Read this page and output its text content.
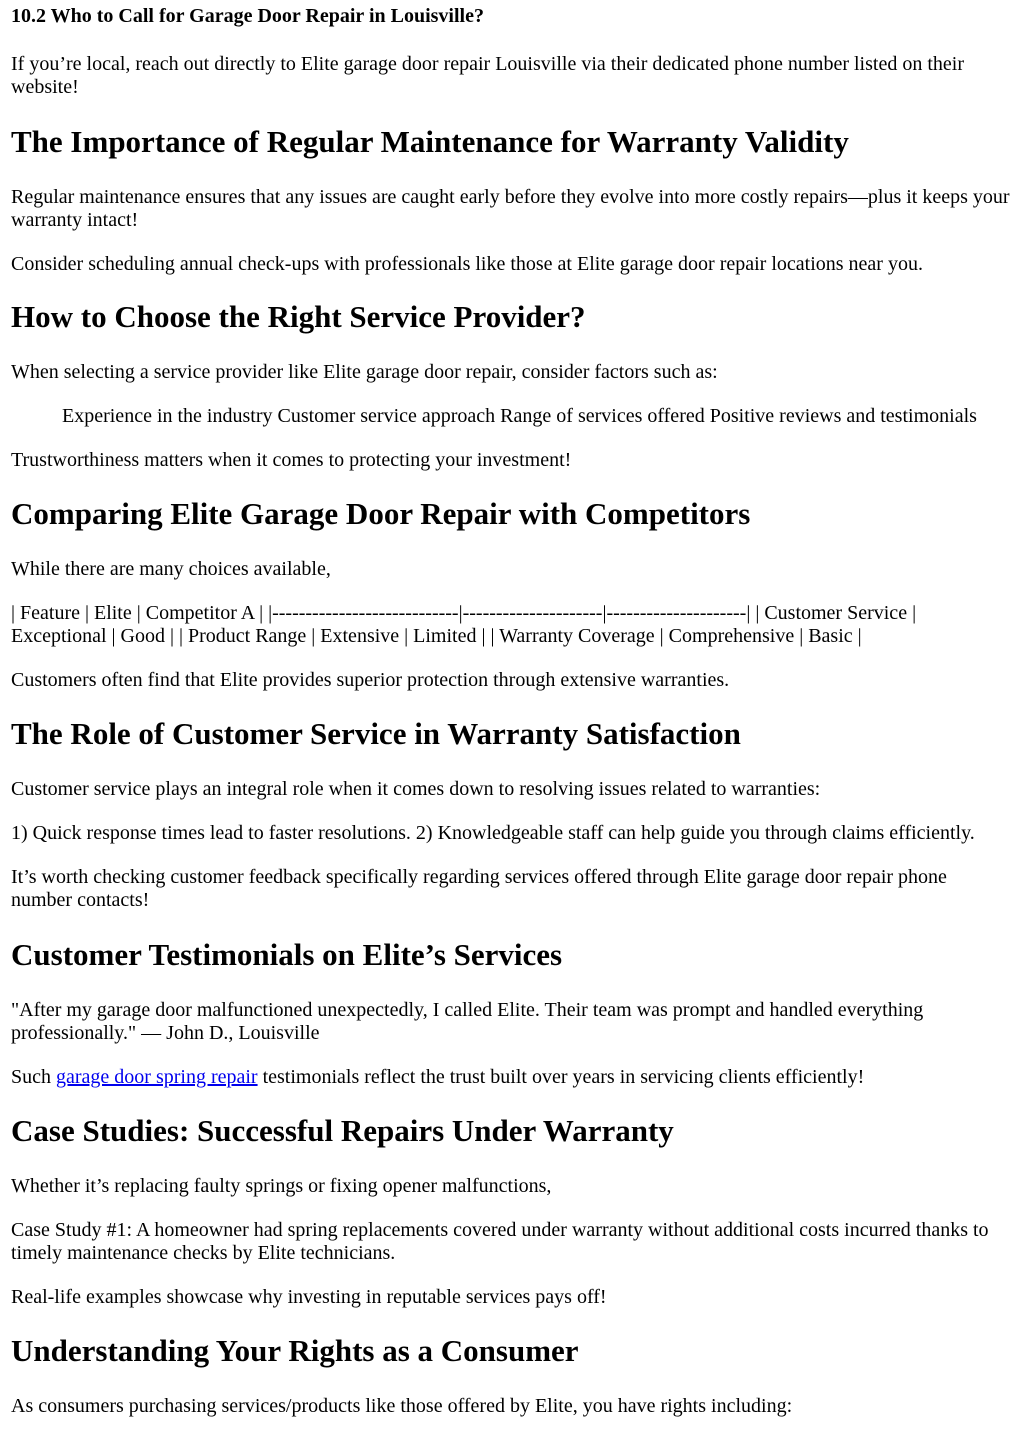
10.2 Who to Call for Garage Door Repair in Louisville?

If you’re local, reach out directly to Elite garage door repair Louisville via their dedicated phone number listed on their website!

The Importance of Regular Maintenance for Warranty Validity

Regular maintenance ensures that any issues are caught early before they evolve into more costly repairs—plus it keeps your warranty intact!

Consider scheduling annual check-ups with professionals like those at Elite garage door repair locations near you.

How to Choose the Right Service Provider?

When selecting a service provider like Elite garage door repair, consider factors such as:

Experience in the industry Customer service approach Range of services offered Positive reviews and testimonials

Trustworthiness matters when it comes to protecting your investment!

Comparing Elite Garage Door Repair with Competitors

While there are many choices available,

| Feature | Elite | Competitor A | |----------------------------|---------------------|---------------------| | Customer Service | Exceptional | Good | | Product Range | Extensive | Limited | | Warranty Coverage | Comprehensive | Basic |

Customers often find that Elite provides superior protection through extensive warranties.

The Role of Customer Service in Warranty Satisfaction

Customer service plays an integral role when it comes down to resolving issues related to warranties:

1) Quick response times lead to faster resolutions. 2) Knowledgeable staff can help guide you through claims efficiently.

It’s worth checking customer feedback specifically regarding services offered through Elite garage door repair phone number contacts!

Customer Testimonials on Elite’s Services

"After my garage door malfunctioned unexpectedly, I called Elite. Their team was prompt and handled everything professionally." — John D., Louisville

Such garage door spring repair testimonials reflect the trust built over years in servicing clients efficiently!

Case Studies: Successful Repairs Under Warranty

Whether it’s replacing faulty springs or fixing opener malfunctions,

Case Study #1: A homeowner had spring replacements covered under warranty without additional costs incurred thanks to timely maintenance checks by Elite technicians.

Real-life examples showcase why investing in reputable services pays off!

Understanding Your Rights as a Consumer

As consumers purchasing services/products like those offered by Elite, you have rights including:
